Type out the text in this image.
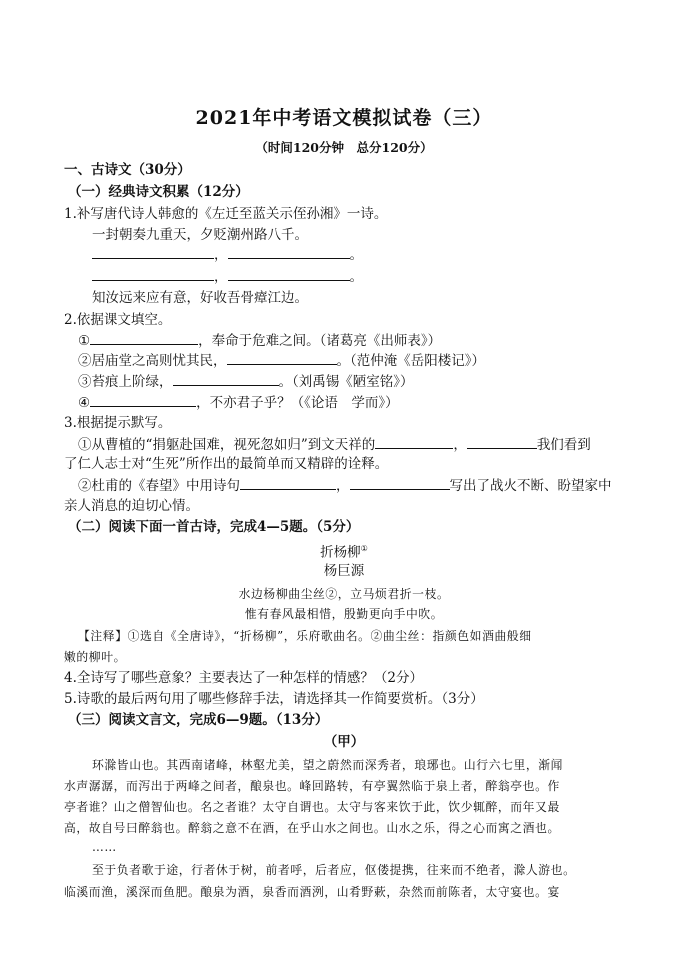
2021年中考语文模拟试卷（三）
（时间120分钟　总分120分）
一、古诗文（30分）
（一）经典诗文积累（12分）
1.补写唐代诗人韩愈的《左迁至蓝关示侄孙湘》一诗。
一封朝奏九重天，夕贬潮州路八千。
，	。
，	。
知汝远来应有意，好收吾骨瘴江边。
2.依据课文填空。
①	，奉命于危难之间。（诸葛亮《出师表》）
②居庙堂之高则忧其民，	。（范仲淹《岳阳楼记》）
③苔痕上阶绿，	。（刘禹锡《陋室铭》）
④	，不亦君子乎？（《论语　学而》）
3.根据提示默写。
①从曹植的“捐躯赴国难，视死忽如归”到文天祥的	，	我们看到
了仁人志士对“生死”所作出的最简单而又精辟的诠释。
②杜甫的《春望》中用诗句	，	写出了战火不断、盼望家中
亲人消息的迫切心情。
（二）阅读下面一首古诗，完成4—5题。（5分）
折杨柳①
杨巨源
水边杨柳曲尘丝②，立马烦君折一枝。
惟有春风最相惜，殷勤更向手中吹。
【注释】①选自《全唐诗》，“折杨柳”，乐府歌曲名。②曲尘丝：指颜色如酒曲般细
嫩的柳叶。
4.全诗写了哪些意象？主要表达了一种怎样的情感？（2分）
5.诗歌的最后两句用了哪些修辞手法，请选择其一作简要赏析。（3分）
（三）阅读文言文，完成6—9题。（13分）
（甲）
环滁皆山也。其西南诸峰，林壑尤美，望之蔚然而深秀者，琅琊也。山行六七里，渐闻
水声潺潺，而泻出于两峰之间者，酿泉也。峰回路转，有亭翼然临于泉上者，醉翁亭也。作
亭者谁？山之僧智仙也。名之者谁？太守自谓也。太守与客来饮于此，饮少辄醉，而年又最
高，故自号曰醉翁也。醉翁之意不在酒，在乎山水之间也。山水之乐，得之心而寓之酒也。
……
至于负者歌于途，行者休于树，前者呼，后者应，伛偻提携，往来而不绝者，滁人游也。
临溪而渔，溪深而鱼肥。酿泉为酒，泉香而酒洌，山肴野蔌，杂然而前陈者，太守宴也。宴
